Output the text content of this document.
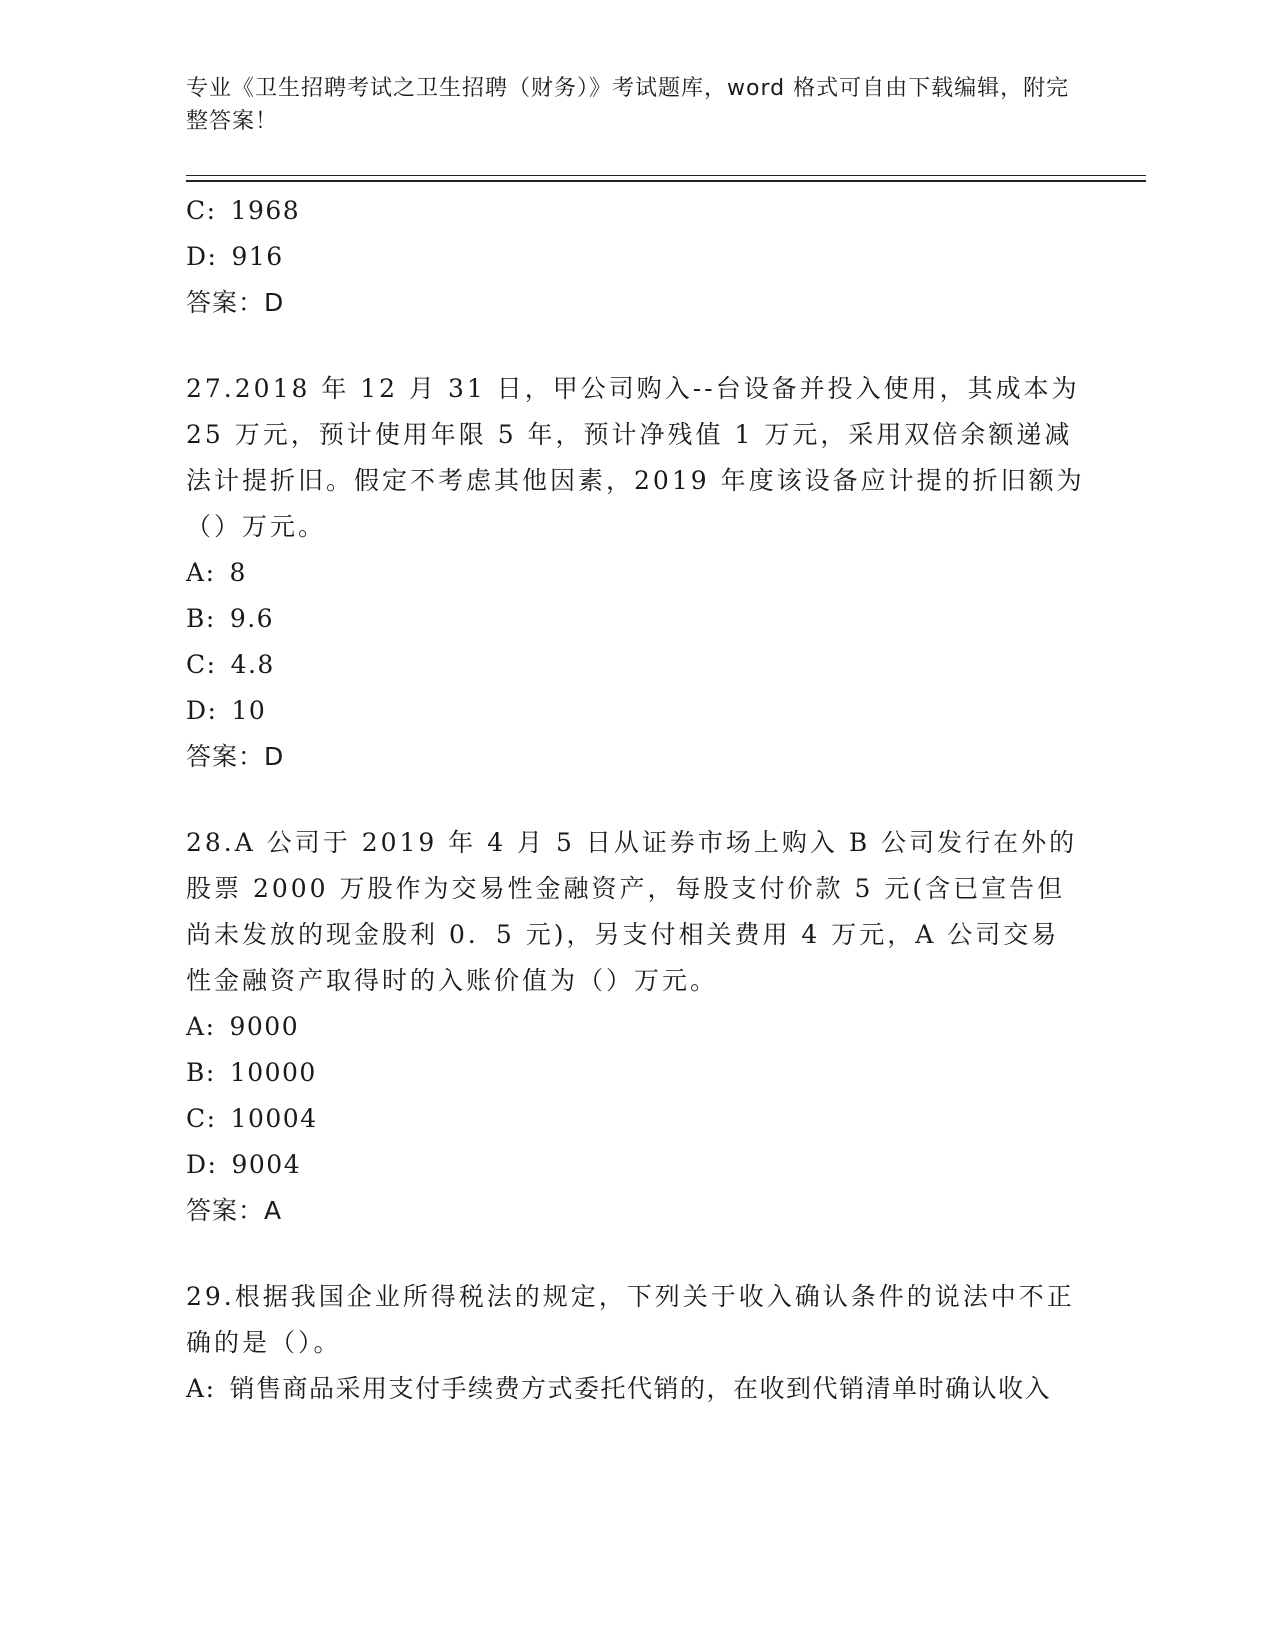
专业《卫生招聘考试之卫生招聘（财务）》考试题库，word 格式可自由下载编辑，附完整答案！
C: 1968
D: 916
答案：D
27.2018 年 12 月 31 日，甲公司购入--台设备并投入使用，其成本为 25 万元，预计使用年限 5 年，预计净残值 1 万元，采用双倍余额递减法计提折旧。假定不考虑其他因素，2019 年度该设备应计提的折旧额为（）万元。
A: 8
B: 9.6
C: 4.8
D: 10
答案：D
28.A 公司于 2019 年 4 月 5 日从证券市场上购入 B 公司发行在外的股票 2000 万股作为交易性金融资产，每股支付价款 5 元(含已宣告但尚未发放的现金股利 0．5 元)，另支付相关费用 4 万元，A 公司交易性金融资产取得时的入账价值为（）万元。
A: 9000
B: 10000
C: 10004
D: 9004
答案：A
29.根据我国企业所得税法的规定，下列关于收入确认条件的说法中不正确的是（）。
A: 销售商品采用支付手续费方式委托代销的，在收到代销清单时确认收入
